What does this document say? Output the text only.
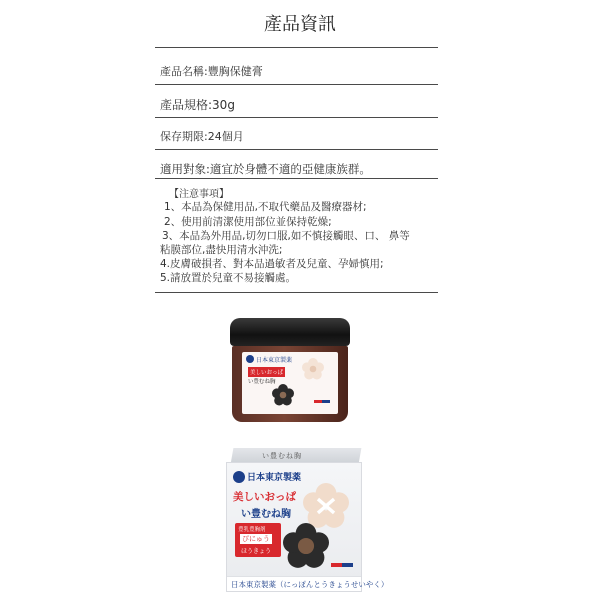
產品資訊
產品名稱:豐胸保健膏
產品規格:30g
保存期限:24個月
適用對象:適宜於身體不適的亞健康族群。
【注意事項】
1、本品為保健用品,不取代藥品及醫療器材;
2、使用前清潔使用部位並保持乾燥;
3、本品為外用品,切勿口服,如不慎接觸眼、口、 鼻等
粘膜部位,盡快用清水沖洗;
4.皮膚破損者、對本品過敏者及兒童、孕婦慎用;
5.請放置於兒童不易接觸處。
日本東京製薬
美しいおっぱ
い豊むね胸
い豊むね胸
日本東京製薬
美しいおっぱ
い豊むね胸
豊乳豊胸剤
ぴにゅう
ほうきょう
日本東京製薬（にっぽんとうきょうせいやく）
